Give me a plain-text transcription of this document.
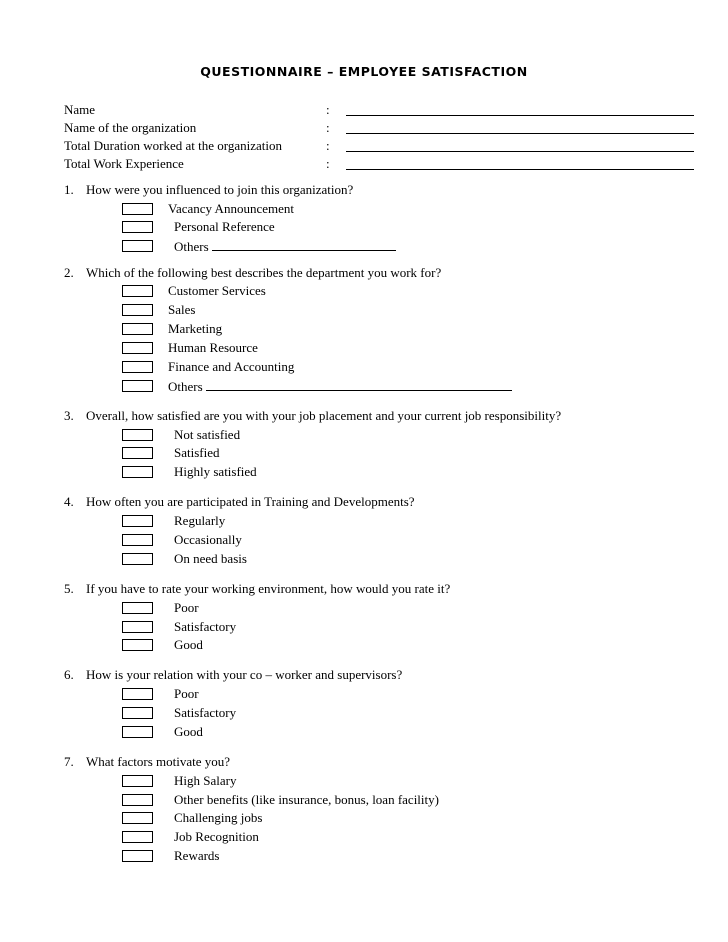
QUESTIONNAIRE – EMPLOYEE SATISFACTION
Name	:
Name of the organization	:
Total Duration worked at the organization	:
Total Work Experience	:
1. How were you influenced to join this organization?
Vacancy Announcement
Personal Reference
Others
2. Which of the following best describes the department you work for?
Customer Services
Sales
Marketing
Human Resource
Finance and Accounting
Others
3. Overall, how satisfied are you with your job placement and your current job responsibility?
Not satisfied
Satisfied
Highly satisfied
4. How often you are participated in Training and Developments?
Regularly
Occasionally
On need basis
5. If you have to rate your working environment, how would you rate it?
Poor
Satisfactory
Good
6. How is your relation with your co – worker and supervisors?
Poor
Satisfactory
Good
7. What factors motivate you?
High Salary
Other benefits (like insurance, bonus, loan facility)
Challenging jobs
Job Recognition
Rewards
